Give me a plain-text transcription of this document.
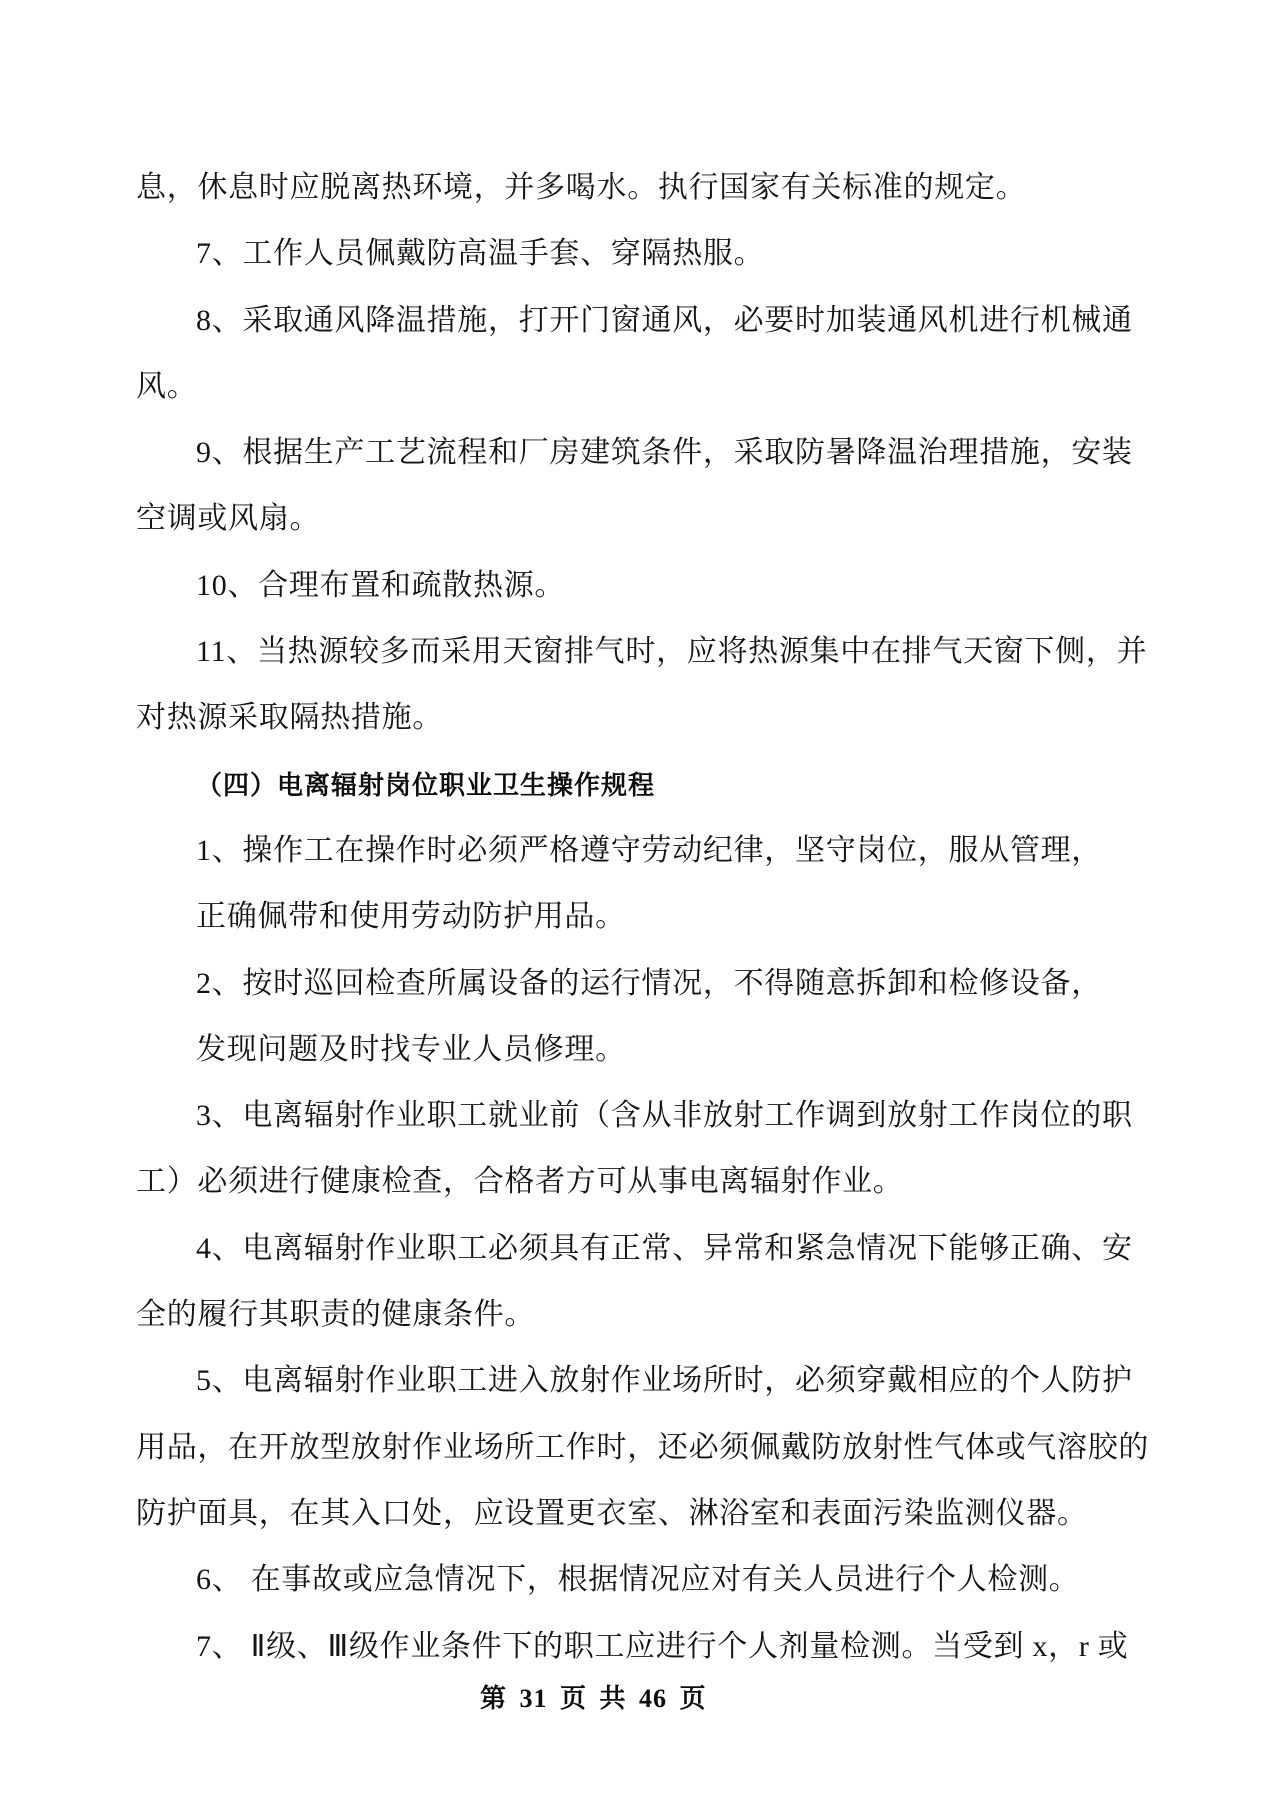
息，休息时应脱离热环境，并多喝水。执行国家有关标准的规定。
7、工作人员佩戴防高温手套、穿隔热服。
8、采取通风降温措施，打开门窗通风，必要时加装通风机进行机械通
风。
9、根据生产工艺流程和厂房建筑条件，采取防暑降温治理措施，安装
空调或风扇。
10、合理布置和疏散热源。
11、当热源较多而采用天窗排气时，应将热源集中在排气天窗下侧，并
对热源采取隔热措施。
（四）电离辐射岗位职业卫生操作规程
1、操作工在操作时必须严格遵守劳动纪律，坚守岗位，服从管理，
正确佩带和使用劳动防护用品。
2、按时巡回检查所属设备的运行情况，不得随意拆卸和检修设备，
发现问题及时找专业人员修理。
3、电离辐射作业职工就业前（含从非放射工作调到放射工作岗位的职
工）必须进行健康检查，合格者方可从事电离辐射作业。
4、电离辐射作业职工必须具有正常、异常和紧急情况下能够正确、安
全的履行其职责的健康条件。
5、电离辐射作业职工进入放射作业场所时，必须穿戴相应的个人防护
用品，在开放型放射作业场所工作时，还必须佩戴防放射性气体或气溶胶的
防护面具，在其入口处，应设置更衣室、淋浴室和表面污染监测仪器。
6、 在事故或应急情况下，根据情况应对有关人员进行个人检测。
7、 Ⅱ级、Ⅲ级作业条件下的职工应进行个人剂量检测。当受到 x，r 或
第 31 页 共 46 页
